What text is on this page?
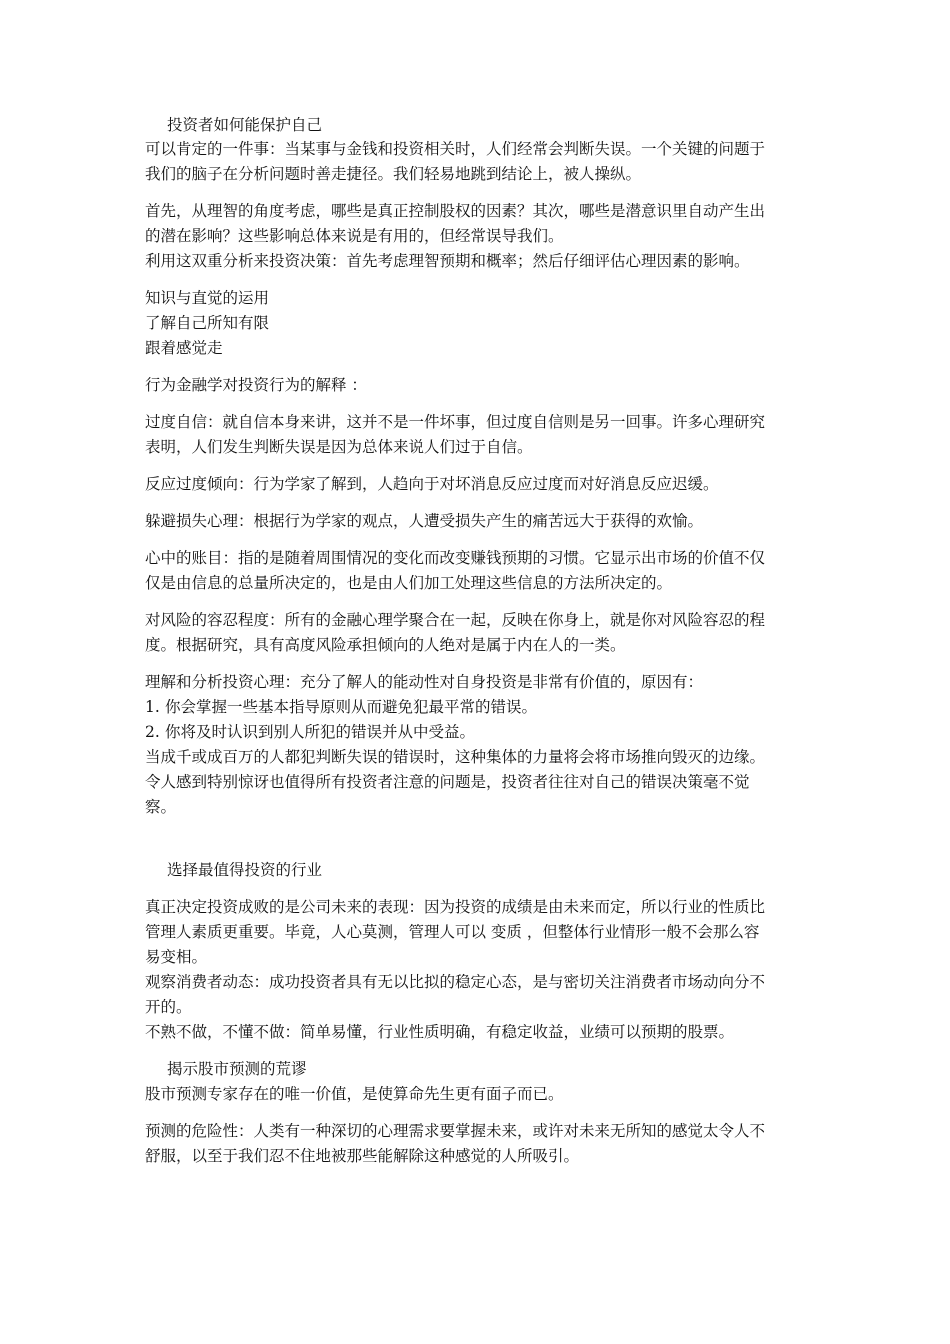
投资者如何能保护自己
可以肯定的一件事：当某事与金钱和投资相关时，人们经常会判断失误。一个关键的问题于
我们的脑子在分析问题时善走捷径。我们轻易地跳到结论上，被人操纵。
首先，从理智的角度考虑，哪些是真正控制股权的因素？其次，哪些是潜意识里自动产生出
的潜在影响？这些影响总体来说是有用的，但经常误导我们。
利用这双重分析来投资决策：首先考虑理智预期和概率；然后仔细评估心理因素的影响。
知识与直觉的运用
了解自己所知有限
跟着感觉走
行为金融学对投资行为的解释 ：
过度自信：就自信本身来讲，这并不是一件坏事，但过度自信则是另一回事。许多心理研究
表明，人们发生判断失误是因为总体来说人们过于自信。
反应过度倾向：行为学家了解到，人趋向于对坏消息反应过度而对好消息反应迟缓。
躲避损失心理：根据行为学家的观点，人遭受损失产生的痛苦远大于获得的欢愉。
心中的账目：指的是随着周围情况的变化而改变赚钱预期的习惯。它显示出市场的价值不仅
仅是由信息的总量所决定的，也是由人们加工处理这些信息的方法所决定的。
对风险的容忍程度：所有的金融心理学聚合在一起，反映在你身上，就是你对风险容忍的程
度。根据研究，具有高度风险承担倾向的人绝对是属于内在人的一类。
理解和分析投资心理：充分了解人的能动性对自身投资是非常有价值的，原因有：
1. 你会掌握一些基本指导原则从而避免犯最平常的错误。
2. 你将及时认识到别人所犯的错误并从中受益。
当成千或成百万的人都犯判断失误的错误时，这种集体的力量将会将市场推向毁灭的边缘。
令人感到特别惊讶也值得所有投资者注意的问题是，投资者往往对自己的错误决策毫不觉
察。
选择最值得投资的行业
真正决定投资成败的是公司未来的表现：因为投资的成绩是由未来而定，所以行业的性质比
管理人素质更重要。毕竟，人心莫测，管理人可以 变质 ，但整体行业情形一般不会那么容
易变相。
观察消费者动态：成功投资者具有无以比拟的稳定心态，是与密切关注消费者市场动向分不
开的。
不熟不做，不懂不做：简单易懂，行业性质明确，有稳定收益，业绩可以预期的股票。
揭示股市预测的荒谬
股市预测专家存在的唯一价值，是使算命先生更有面子而已。
预测的危险性：人类有一种深切的心理需求要掌握未来，或许对未来无所知的感觉太令人不
舒服，以至于我们忍不住地被那些能解除这种感觉的人所吸引。
